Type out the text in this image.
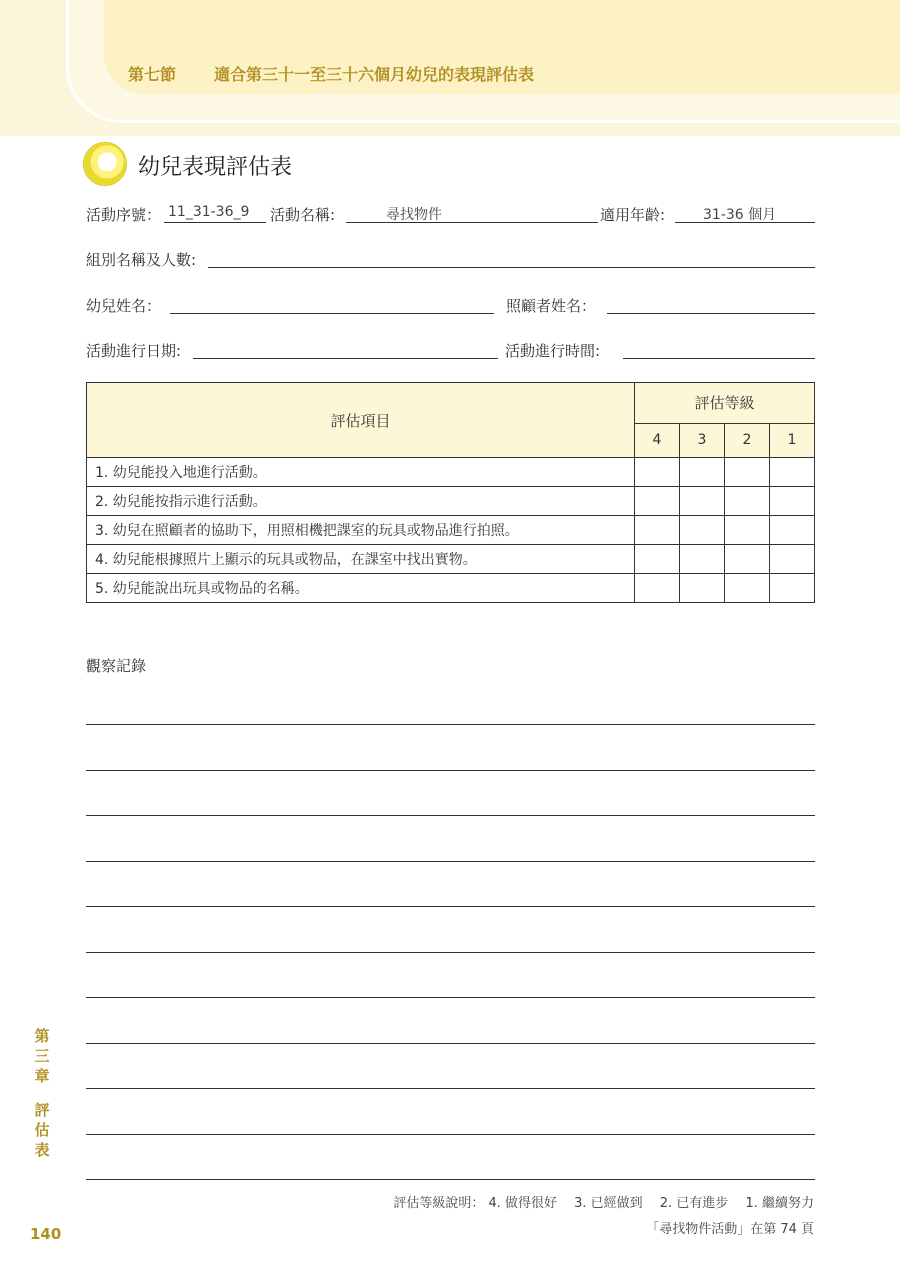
第七節 適合第三十一至三十六個月幼兒的表現評估表
幼兒表現評估表
活動序號： 11_31-36_9 活動名稱:	尋找物件	適用年齡:	31-36 個月
組別名稱及人數:
幼兒姓名：	照顧者姓名：
活動進行日期:	活動進行時間:
評估項目	評估等級			
	4	3	2	1
1. 幼兒能投入地進行活動。				
2. 幼兒能按指示進行活動。				
3. 幼兒在照顧者的協助下，用照相機把課室的玩具或物品進行拍照。				
4. 幼兒能根據照片上顯示的玩具或物品，在課室中找出實物。				
5. 幼兒能說出玩具或物品的名稱。				
觀察記錄
第
三
章
評
估
表
140
評估等級說明： 4. 做得很好　 3. 已經做到　 2. 已有進步　 1. 繼續努力
「尋找物件活動」在第 74 頁
